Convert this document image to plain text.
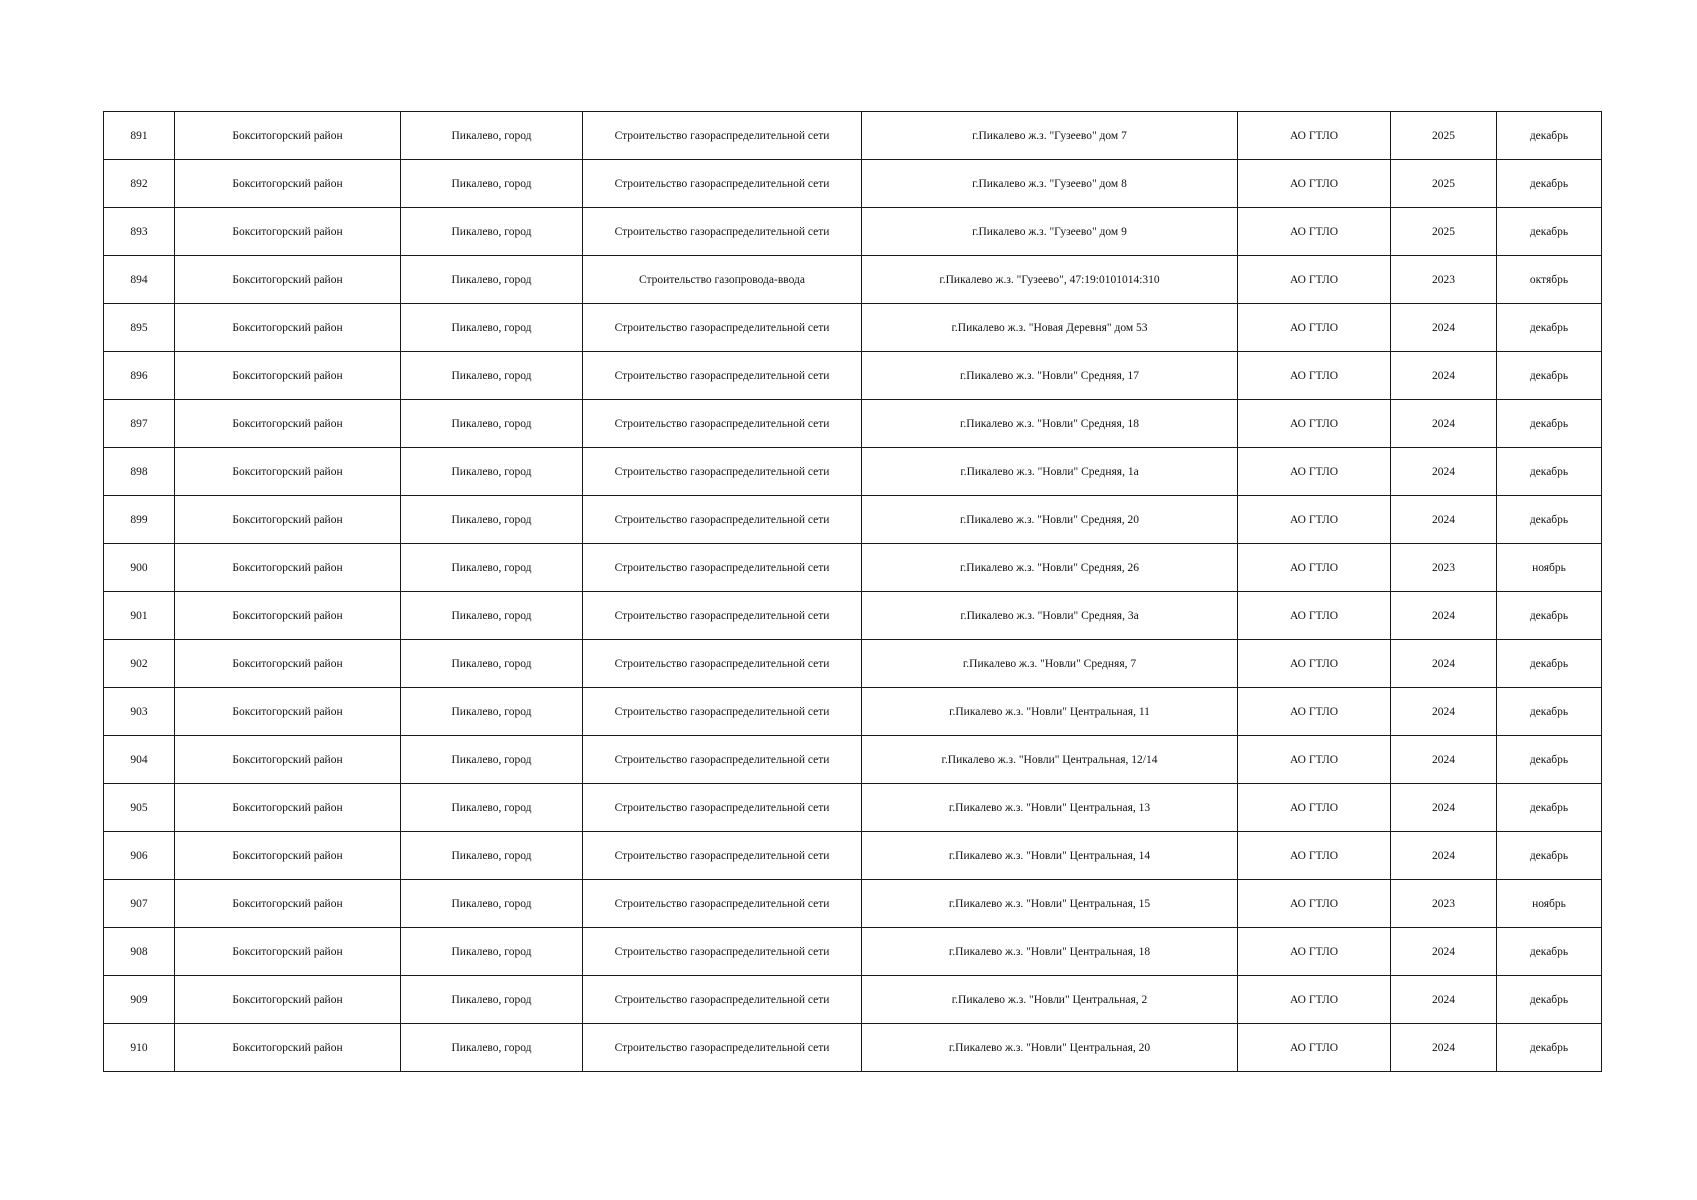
891	Бокситогорский район	Пикалево, город	Строительство газораспределительной сети	г.Пикалево ж.з. "Гузеево" дом 7	АО ГТЛО	2025	декабрь
892	Бокситогорский район	Пикалево, город	Строительство газораспределительной сети	г.Пикалево ж.з. "Гузеево" дом 8	АО ГТЛО	2025	декабрь
893	Бокситогорский район	Пикалево, город	Строительство газораспределительной сети	г.Пикалево ж.з. "Гузеево" дом 9	АО ГТЛО	2025	декабрь
894	Бокситогорский район	Пикалево, город	Строительство газопровода-ввода	г.Пикалево ж.з. "Гузеево", 47:19:0101014:310	АО ГТЛО	2023	октябрь
895	Бокситогорский район	Пикалево, город	Строительство газораспределительной сети	г.Пикалево ж.з. "Новая Деревня" дом 53	АО ГТЛО	2024	декабрь
896	Бокситогорский район	Пикалево, город	Строительство газораспределительной сети	г.Пикалево ж.з. "Новли" Средняя, 17	АО ГТЛО	2024	декабрь
897	Бокситогорский район	Пикалево, город	Строительство газораспределительной сети	г.Пикалево ж.з. "Новли" Средняя, 18	АО ГТЛО	2024	декабрь
898	Бокситогорский район	Пикалево, город	Строительство газораспределительной сети	г.Пикалево ж.з. "Новли" Средняя, 1а	АО ГТЛО	2024	декабрь
899	Бокситогорский район	Пикалево, город	Строительство газораспределительной сети	г.Пикалево ж.з. "Новли" Средняя, 20	АО ГТЛО	2024	декабрь
900	Бокситогорский район	Пикалево, город	Строительство газораспределительной сети	г.Пикалево ж.з. "Новли" Средняя, 26	АО ГТЛО	2023	ноябрь
901	Бокситогорский район	Пикалево, город	Строительство газораспределительной сети	г.Пикалево ж.з. "Новли" Средняя, 3а	АО ГТЛО	2024	декабрь
902	Бокситогорский район	Пикалево, город	Строительство газораспределительной сети	г.Пикалево ж.з. "Новли" Средняя, 7	АО ГТЛО	2024	декабрь
903	Бокситогорский район	Пикалево, город	Строительство газораспределительной сети	г.Пикалево ж.з. "Новли" Центральная, 11	АО ГТЛО	2024	декабрь
904	Бокситогорский район	Пикалево, город	Строительство газораспределительной сети	г.Пикалево ж.з. "Новли" Центральная, 12/14	АО ГТЛО	2024	декабрь
905	Бокситогорский район	Пикалево, город	Строительство газораспределительной сети	г.Пикалево ж.з. "Новли" Центральная, 13	АО ГТЛО	2024	декабрь
906	Бокситогорский район	Пикалево, город	Строительство газораспределительной сети	г.Пикалево ж.з. "Новли" Центральная, 14	АО ГТЛО	2024	декабрь
907	Бокситогорский район	Пикалево, город	Строительство газораспределительной сети	г.Пикалево ж.з. "Новли" Центральная, 15	АО ГТЛО	2023	ноябрь
908	Бокситогорский район	Пикалево, город	Строительство газораспределительной сети	г.Пикалево ж.з. "Новли" Центральная, 18	АО ГТЛО	2024	декабрь
909	Бокситогорский район	Пикалево, город	Строительство газораспределительной сети	г.Пикалево ж.з. "Новли" Центральная, 2	АО ГТЛО	2024	декабрь
910	Бокситогорский район	Пикалево, город	Строительство газораспределительной сети	г.Пикалево ж.з. "Новли" Центральная, 20	АО ГТЛО	2024	декабрь
